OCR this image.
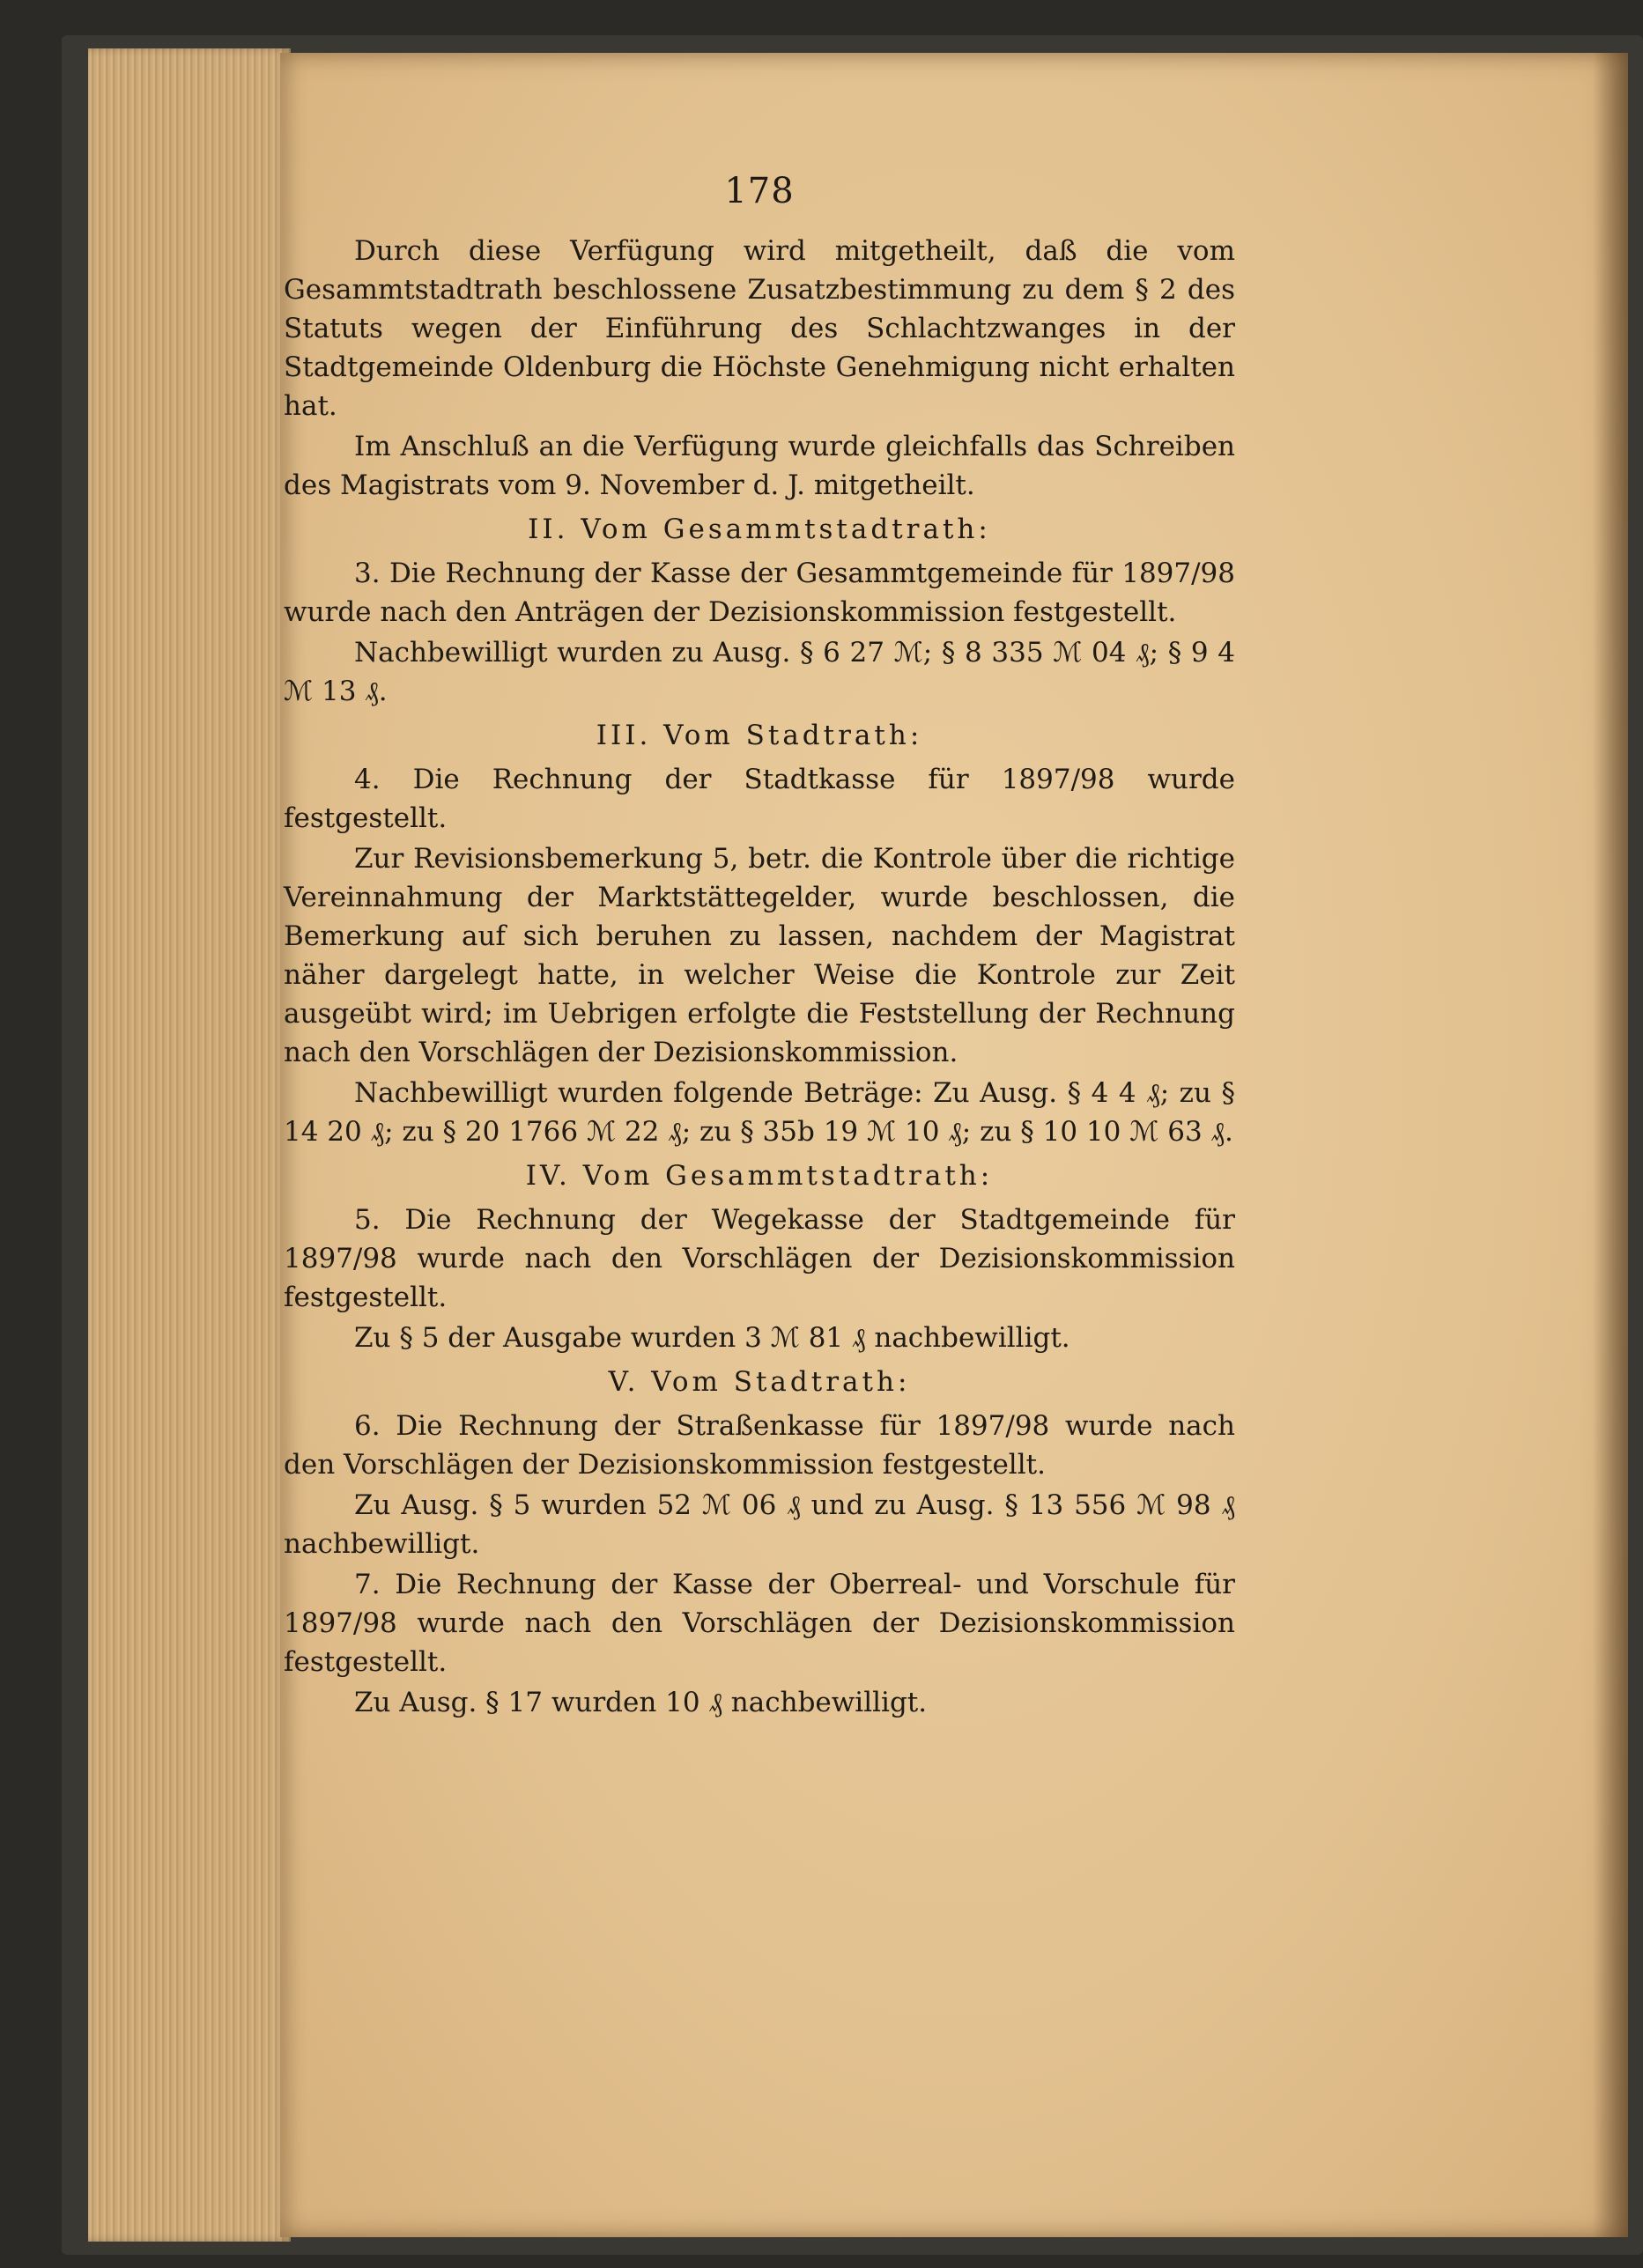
178

Durch diese Verfügung wird mitgetheilt, daß die vom Gesammtstadtrath beschlossene Zusatzbestimmung zu dem § 2 des Statuts wegen der Einführung des Schlachtzwanges in der Stadtgemeinde Oldenburg die Höchste Genehmigung nicht erhalten hat.

Im Anschluß an die Verfügung wurde gleichfalls das Schreiben des Magistrats vom 9. November d. J. mitgetheilt.

II. Vom Gesammtstadtrath:

3. Die Rechnung der Kasse der Gesammtgemeinde für 1897/98 wurde nach den Anträgen der Dezisionskommission festgestellt.

Nachbewilligt wurden zu Ausg. § 6 27 ℳ; § 8 335 ℳ 04 ₰; § 9 4 ℳ 13 ₰.

III. Vom Stadtrath:

4. Die Rechnung der Stadtkasse für 1897/98 wurde festgestellt.

Zur Revisionsbemerkung 5, betr. die Kontrole über die richtige Vereinnahmung der Marktstättegelder, wurde beschlossen, die Bemerkung auf sich beruhen zu lassen, nachdem der Magistrat näher dargelegt hatte, in welcher Weise die Kontrole zur Zeit ausgeübt wird; im Uebrigen erfolgte die Feststellung der Rechnung nach den Vorschlägen der Dezisionskommission.

Nachbewilligt wurden folgende Beträge: Zu Ausg. § 4 4 ₰; zu § 14 20 ₰; zu § 20 1766 ℳ 22 ₰; zu § 35b 19 ℳ 10 ₰; zu § 10 10 ℳ 63 ₰.

IV. Vom Gesammtstadtrath:

5. Die Rechnung der Wegekasse der Stadtgemeinde für 1897/98 wurde nach den Vorschlägen der Dezisionskommission festgestellt.

Zu § 5 der Ausgabe wurden 3 ℳ 81 ₰ nachbewilligt.

V. Vom Stadtrath:

6. Die Rechnung der Straßenkasse für 1897/98 wurde nach den Vorschlägen der Dezisionskommission festgestellt.

Zu Ausg. § 5 wurden 52 ℳ 06 ₰ und zu Ausg. § 13 556 ℳ 98 ₰ nachbewilligt.

7. Die Rechnung der Kasse der Oberreal- und Vorschule für 1897/98 wurde nach den Vorschlägen der Dezisionskommission festgestellt.

Zu Ausg. § 17 wurden 10 ₰ nachbewilligt.
